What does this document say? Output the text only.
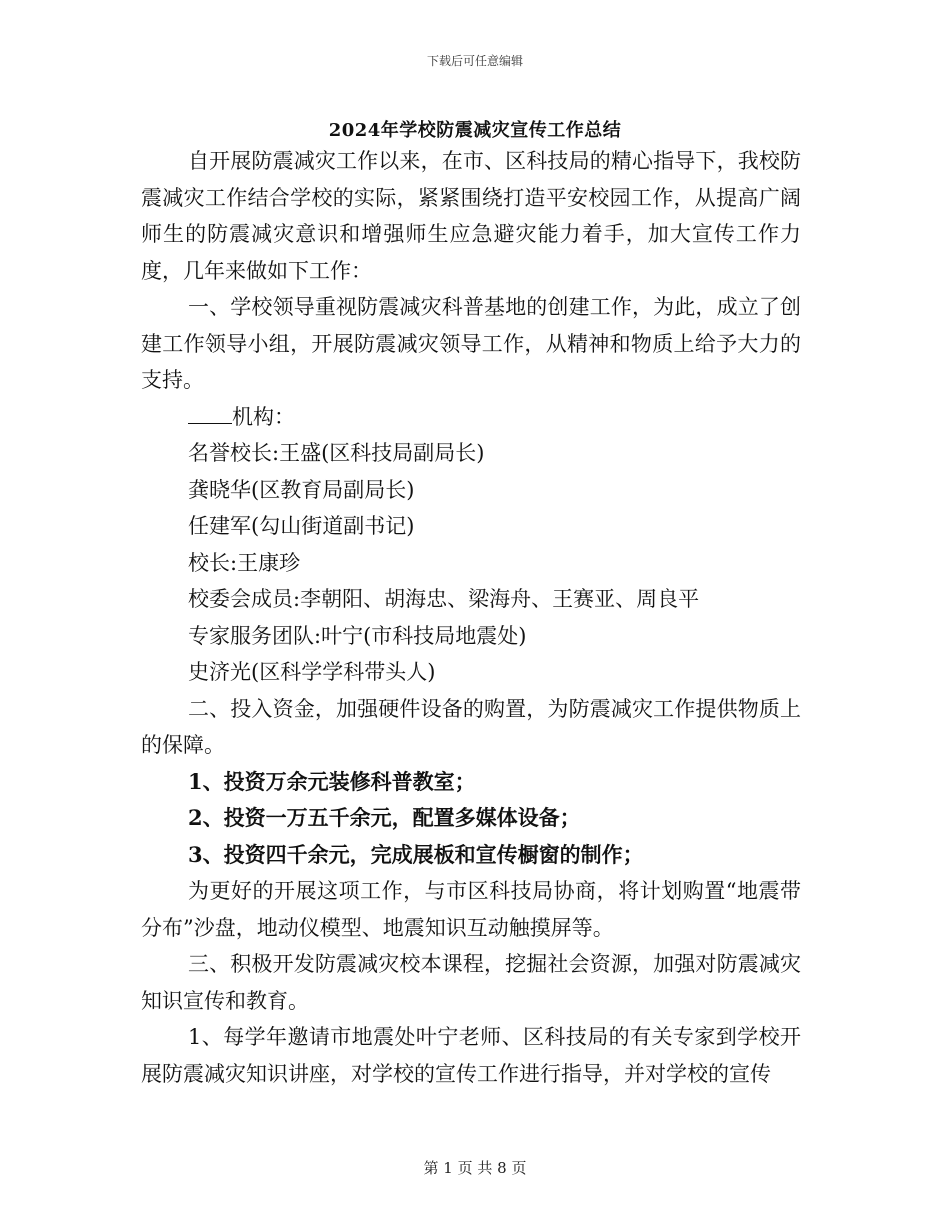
下载后可任意编辑
2024年学校防震减灾宣传工作总结

自开展防震减灾工作以来，在市、区科技局的精心指导下，我校防震减灾工作结合学校的实际，紧紧围绕打造平安校园工作，从提高广阔师生的防震减灾意识和增强师生应急避灾能力着手，加大宣传工作力度，几年来做如下工作：

一、学校领导重视防震减灾科普基地的创建工作，为此，成立了创建工作领导小组，开展防震减灾领导工作，从精神和物质上给予大力的支持。

机构：

名誉校长:王盛(区科技局副局长)

龚晓华(区教育局副局长)

任建军(勾山街道副书记)

校长:王康珍

校委会成员:李朝阳、胡海忠、梁海舟、王赛亚、周良平

专家服务团队:叶宁(市科技局地震处)

史济光(区科学学科带头人)

二、投入资金，加强硬件设备的购置，为防震减灾工作提供物质上的保障。

1、投资万余元装修科普教室；

2、投资一万五千余元，配置多媒体设备；

3、投资四千余元，完成展板和宣传橱窗的制作；

为更好的开展这项工作，与市区科技局协商，将计划购置“地震带分布”沙盘，地动仪模型、地震知识互动触摸屏等。

三、积极开发防震减灾校本课程，挖掘社会资源，加强对防震减灾知识宣传和教育。

1、每学年邀请市地震处叶宁老师、区科技局的有关专家到学校开展防震减灾知识讲座，对学校的宣传工作进行指导，并对学校的宣传

第 1 页 共 8 页
